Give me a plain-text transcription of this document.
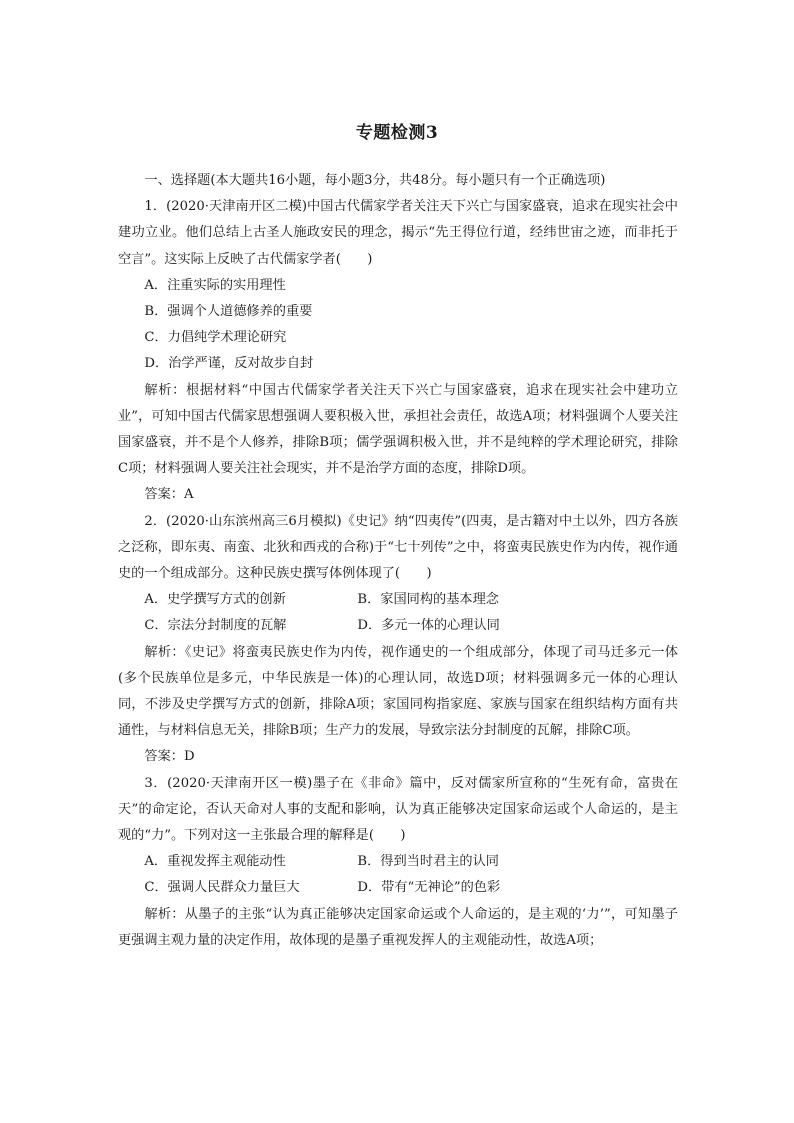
专题检测3

一、选择题(本大题共16小题，每小题3分，共48分。每小题只有一个正确选项)

1．(2020·天津南开区二模)中国古代儒家学者关注天下兴亡与国家盛衰，追求在现实社会中建功立业。他们总结上古圣人施政安民的理念，揭示“先王得位行道，经纬世宙之迹，而非托于空言”。这实际上反映了古代儒家学者(　　)

A．注重实际的实用理性

B．强调个人道德修养的重要

C．力倡纯学术理论研究

D．治学严谨，反对故步自封

解析：根据材料“中国古代儒家学者关注天下兴亡与国家盛衰，追求在现实社会中建功立业”，可知中国古代儒家思想强调人要积极入世，承担社会责任，故选A项；材料强调个人要关注国家盛衰，并不是个人修养，排除B项；儒学强调积极入世，并不是纯粹的学术理论研究，排除C项；材料强调人要关注社会现实，并不是治学方面的态度，排除D项。

答案：A

2．(2020·山东滨州高三6月模拟)《史记》纳“四夷传”(四夷，是古籍对中土以外，四方各族之泛称，即东夷、南蛮、北狄和西戎的合称)于“七十列传”之中，将蛮夷民族史作为内传，视作通史的一个组成部分。这种民族史撰写体例体现了(　　)

A．史学撰写方式的创新	B．家国同构的基本理念
C．宗法分封制度的瓦解	D．多元一体的心理认同

解析：《史记》将蛮夷民族史作为内传，视作通史的一个组成部分，体现了司马迁多元一体(多个民族单位是多元，中华民族是一体)的心理认同，故选D项；材料强调多元一体的心理认同，不涉及史学撰写方式的创新，排除A项；家国同构指家庭、家族与国家在组织结构方面有共通性，与材料信息无关，排除B项；生产力的发展，导致宗法分封制度的瓦解，排除C项。

答案：D

3．(2020·天津南开区一模)墨子在《非命》篇中，反对儒家所宣称的“生死有命，富贵在天”的命定论，否认天命对人事的支配和影响，认为真正能够决定国家命运或个人命运的，是主观的“力”。下列对这一主张最合理的解释是(　　)

A．重视发挥主观能动性	B．得到当时君主的认同
C．强调人民群众力量巨大	D．带有“无神论”的色彩

解析：从墨子的主张“认为真正能够决定国家命运或个人命运的，是主观的‘力’”，可知墨子更强调主观力量的决定作用，故体现的是墨子重视发挥人的主观能动性，故选A项；
